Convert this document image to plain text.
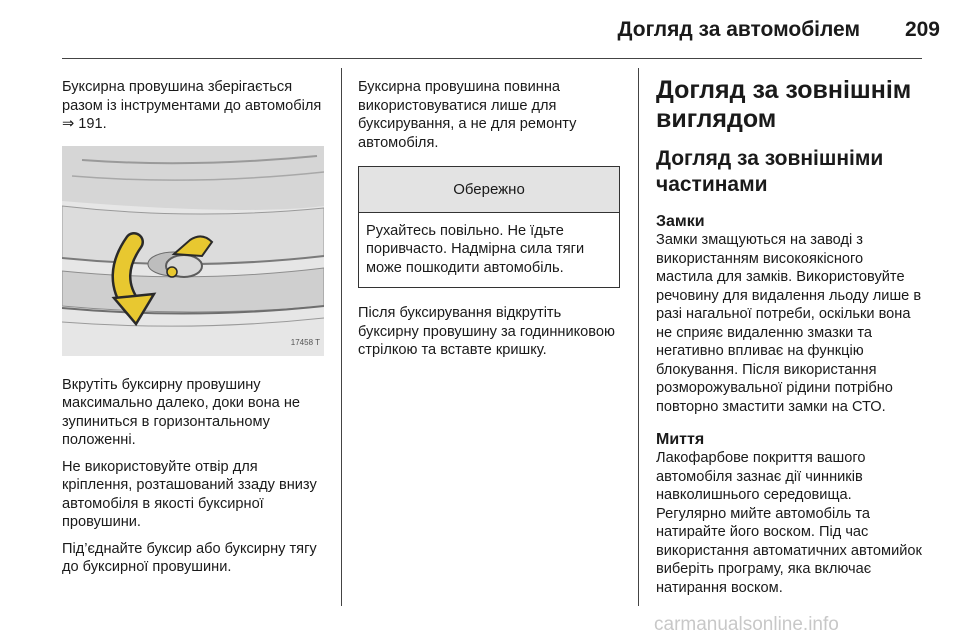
Догляд за автомобілем	209

Буксирна провушина зберігається разом із інструментами до автомобіля ⇒ 191.

17458 T

Вкрутіть буксирну провушину максимально далеко, доки вона не зупиниться в горизонтальному положенні.

Не використовуйте отвір для кріплення, розташований ззаду внизу автомобіля в якості буксирної провушини.

Під’єднайте буксир або буксирну тягу до буксирної провушини.

Буксирна провушина повинна використовуватися лише для буксирування, а не для ремонту автомобіля.

Обережно
Рухайтесь повільно. Не їдьте поривчасто. Надмірна сила тяги може пошкодити автомобіль.

Після буксирування відкрутіть буксирну провушину за годинниковою стрілкою та вставте кришку.

Догляд за зовнішнім виглядом
Догляд за зовнішніми частинами
Замки

Замки змащуються на заводі з використанням високоякісного мастила для замків. Використовуйте речовину для видалення льоду лише в разі нагальної потреби, оскільки вона не сприяє видаленню змазки та негативно впливає на функцію блокування. Після використання розморожувальної рідини потрібно повторно змастити замки на СТО.

Миття

Лакофарбове покриття вашого автомобіля зазнає дії чинників навколишнього середовища. Регулярно мийте автомобіль та натирайте його воском. Під час використання автоматичних автомийок виберіть програму, яка включає натирання воском.

carmanualsonline.info
